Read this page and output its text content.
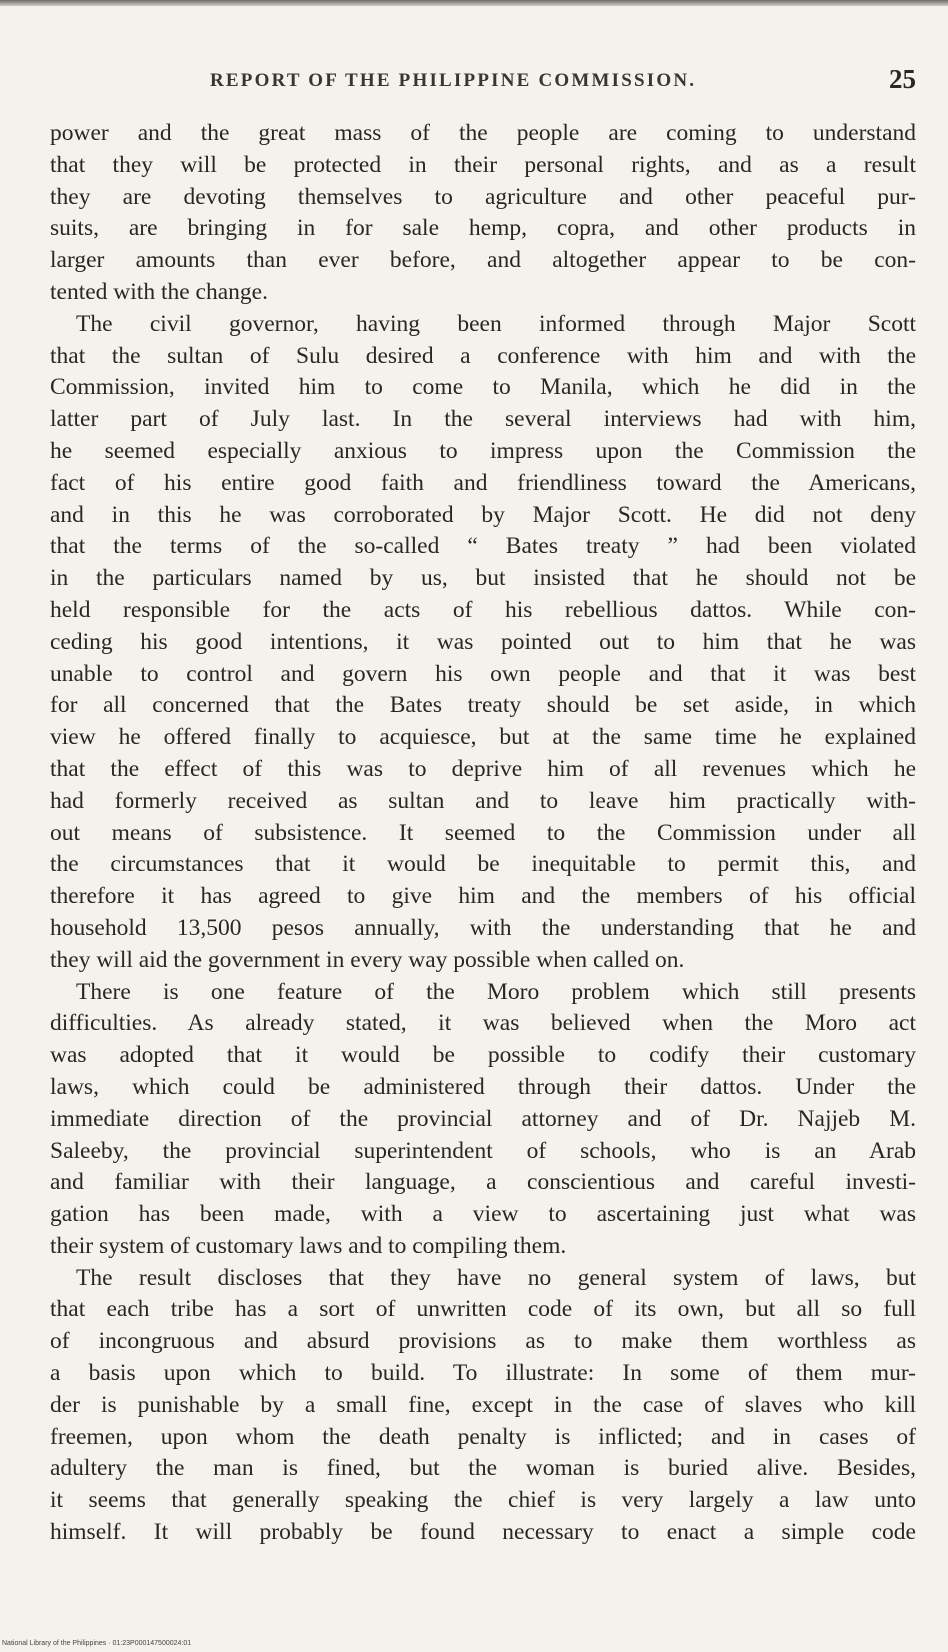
REPORT OF THE PHILIPPINE COMMISSION.	25
power and the great mass of the people are coming to understand
that they will be protected in their personal rights, and as a result
they are devoting themselves to agriculture and other peaceful pur-
suits, are bringing in for sale hemp, copra, and other products in
larger amounts than ever before, and altogether appear to be con-
tented with the change.
The civil governor, having been informed through Major Scott
that the sultan of Sulu desired a conference with him and with the
Commission, invited him to come to Manila, which he did in the
latter part of July last. In the several interviews had with him,
he seemed especially anxious to impress upon the Commission the
fact of his entire good faith and friendliness toward the Americans,
and in this he was corroborated by Major Scott. He did not deny
that the terms of the so-called “ Bates treaty ” had been violated
in the particulars named by us, but insisted that he should not be
held responsible for the acts of his rebellious dattos. While con-
ceding his good intentions, it was pointed out to him that he was
unable to control and govern his own people and that it was best
for all concerned that the Bates treaty should be set aside, in which
view he offered finally to acquiesce, but at the same time he explained
that the effect of this was to deprive him of all revenues which he
had formerly received as sultan and to leave him practically with-
out means of subsistence. It seemed to the Commission under all
the circumstances that it would be inequitable to permit this, and
therefore it has agreed to give him and the members of his official
household 13,500 pesos annually, with the understanding that he and
they will aid the government in every way possible when called on.
There is one feature of the Moro problem which still presents
difficulties. As already stated, it was believed when the Moro act
was adopted that it would be possible to codify their customary
laws, which could be administered through their dattos. Under the
immediate direction of the provincial attorney and of Dr. Najjeb M.
Saleeby, the provincial superintendent of schools, who is an Arab
and familiar with their language, a conscientious and careful investi-
gation has been made, with a view to ascertaining just what was
their system of customary laws and to compiling them.
The result discloses that they have no general system of laws, but
that each tribe has a sort of unwritten code of its own, but all so full
of incongruous and absurd provisions as to make them worthless as
a basis upon which to build. To illustrate: In some of them mur-
der is punishable by a small fine, except in the case of slaves who kill
freemen, upon whom the death penalty is inflicted; and in cases of
adultery the man is fined, but the woman is buried alive. Besides,
it seems that generally speaking the chief is very largely a law unto
himself. It will probably be found necessary to enact a simple code
National Library of the Philippines · 01:23P000147500024:01
